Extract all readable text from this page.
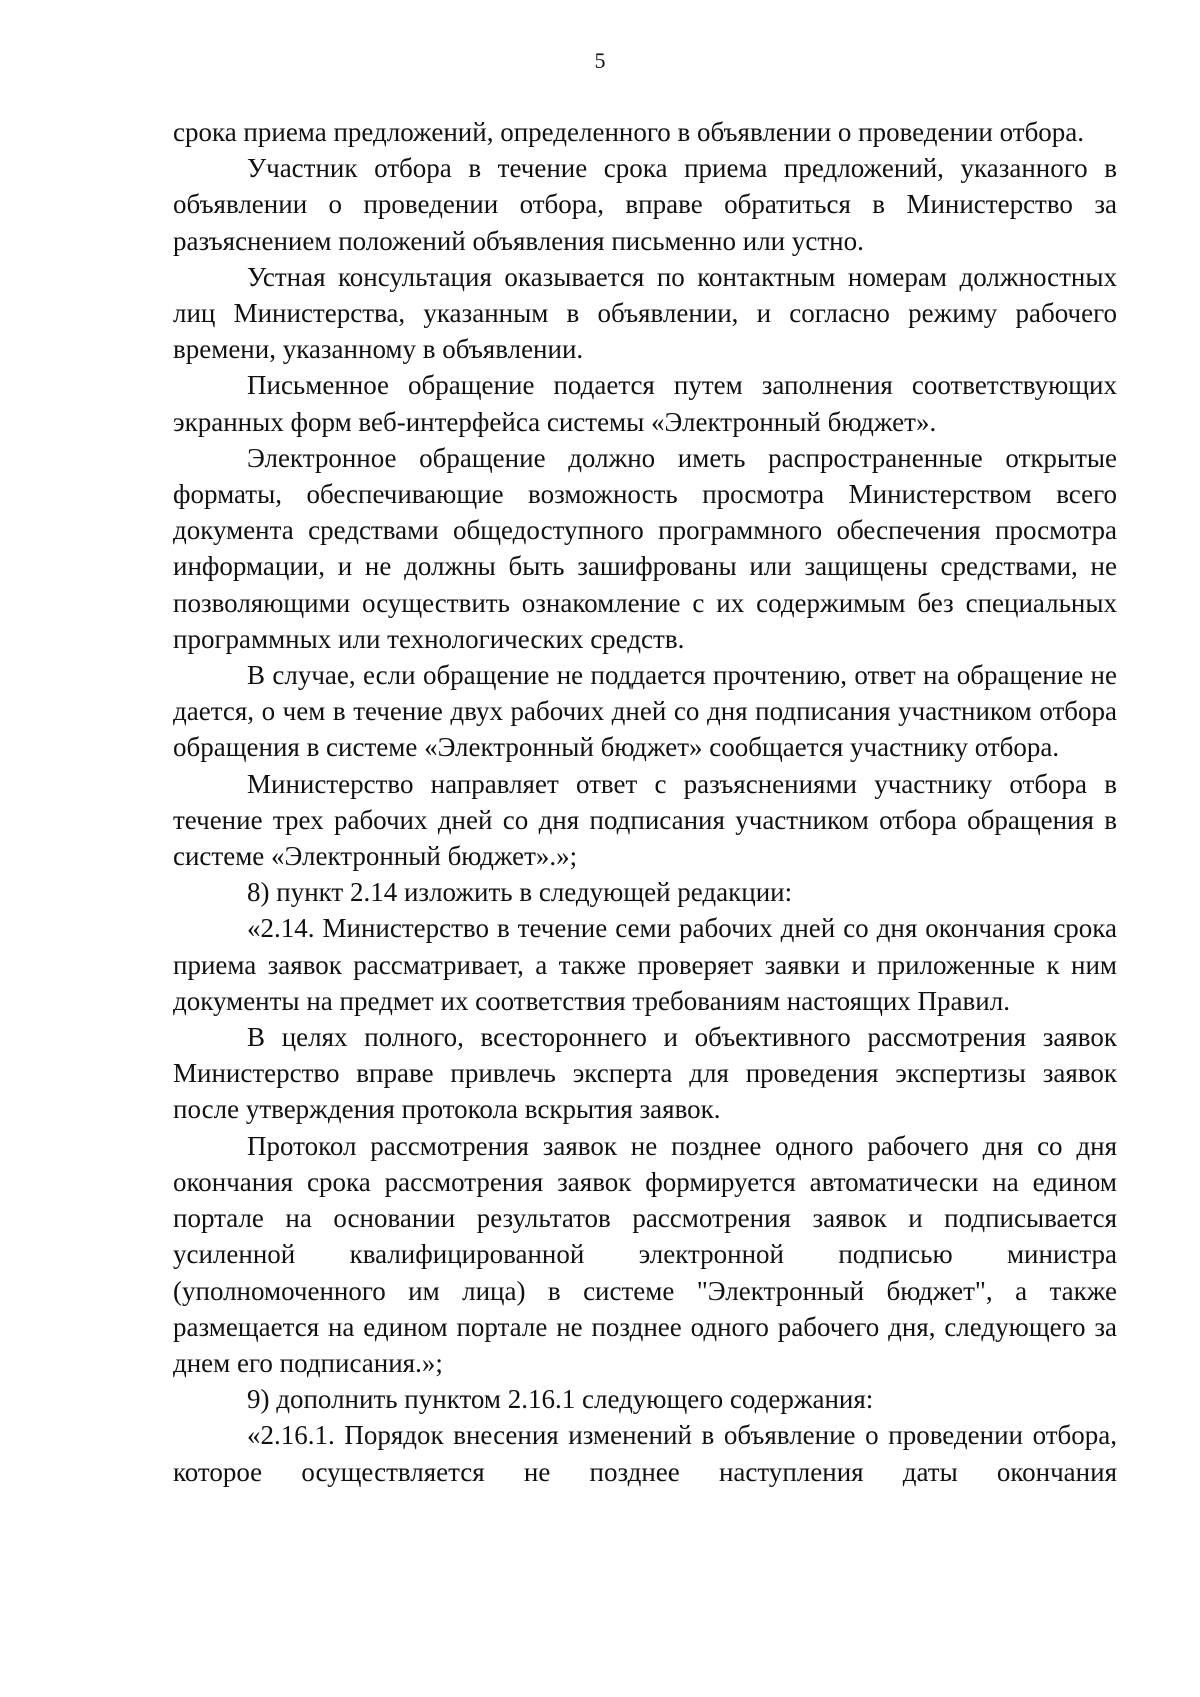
5

срока приема предложений, определенного в объявлении о проведении отбора.

Участник отбора в течение срока приема предложений, указанного в объявлении о проведении отбора, вправе обратиться в Министерство за разъяснением положений объявления письменно или устно.

Устная консультация оказывается по контактным номерам должностных лиц Министерства, указанным в объявлении, и согласно режиму рабочего времени, указанному в объявлении.

Письменное обращение подается путем заполнения соответствующих экранных форм веб-интерфейса системы «Электронный бюджет».

Электронное обращение должно иметь распространенные открытые форматы, обеспечивающие возможность просмотра Министерством всего документа средствами общедоступного программного обеспечения просмотра информации, и не должны быть зашифрованы или защищены средствами, не позволяющими осуществить ознакомление с их содержимым без специальных программных или технологических средств.

В случае, если обращение не поддается прочтению, ответ на обращение не дается, о чем в течение двух рабочих дней со дня подписания участником отбора обращения в системе «Электронный бюджет» сообщается участнику отбора.

Министерство направляет ответ с разъяснениями участнику отбора в течение трех рабочих дней со дня подписания участником отбора обращения в системе «Электронный бюджет».»;

8) пункт 2.14 изложить в следующей редакции:

«2.14. Министерство в течение семи рабочих дней со дня окончания срока приема заявок рассматривает, а также проверяет заявки и приложенные к ним документы на предмет их соответствия требованиям настоящих Правил.

В целях полного, всестороннего и объективного рассмотрения заявок Министерство вправе привлечь эксперта для проведения экспертизы заявок после утверждения протокола вскрытия заявок.

Протокол рассмотрения заявок не позднее одного рабочего дня со дня окончания срока рассмотрения заявок формируется автоматически на едином портале на основании результатов рассмотрения заявок и подписывается усиленной квалифицированной электронной подписью министра (уполномоченного им лица) в системе "Электронный бюджет", а также размещается на едином портале не позднее одного рабочего дня, следующего за днем его подписания.»;

9) дополнить пунктом 2.16.1 следующего содержания:

«2.16.1. Порядок внесения изменений в объявление о проведении отбора, которое осуществляется не позднее наступления даты окончания
